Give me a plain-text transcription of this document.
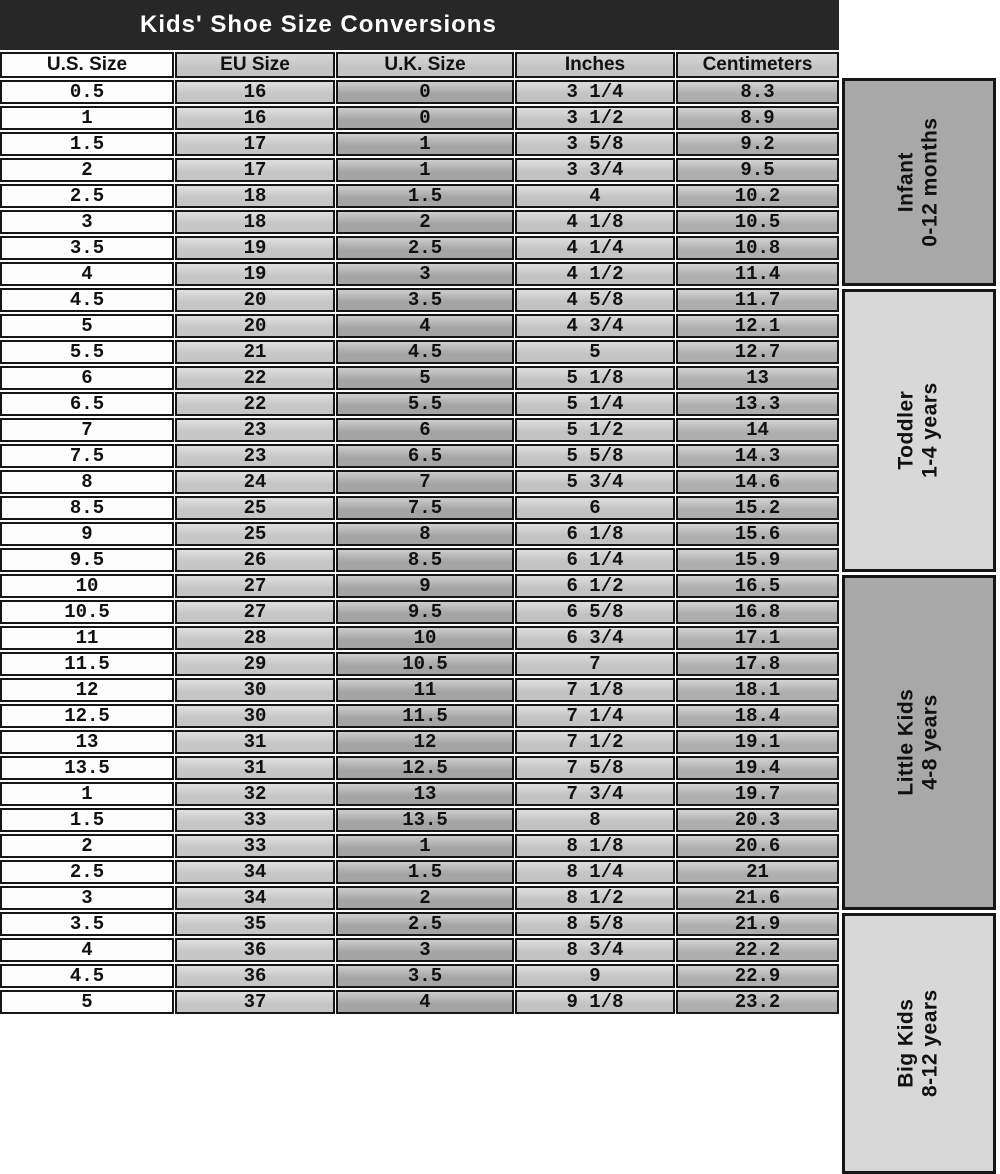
Kids' Shoe Size Conversions
U.S. Size	EU Size	U.K. Size	Inches	Centimeters
0.5	16	0	3 1/4	8.3
1	16	0	3 1/2	8.9
1.5	17	1	3 5/8	9.2
2	17	1	3 3/4	9.5
2.5	18	1.5	4	10.2
3	18	2	4 1/8	10.5
3.5	19	2.5	4 1/4	10.8
4	19	3	4 1/2	11.4
4.5	20	3.5	4 5/8	11.7
5	20	4	4 3/4	12.1
5.5	21	4.5	5	12.7
6	22	5	5 1/8	13
6.5	22	5.5	5 1/4	13.3
7	23	6	5 1/2	14
7.5	23	6.5	5 5/8	14.3
8	24	7	5 3/4	14.6
8.5	25	7.5	6	15.2
9	25	8	6 1/8	15.6
9.5	26	8.5	6 1/4	15.9
10	27	9	6 1/2	16.5
10.5	27	9.5	6 5/8	16.8
11	28	10	6 3/4	17.1
11.5	29	10.5	7	17.8
12	30	11	7 1/8	18.1
12.5	30	11.5	7 1/4	18.4
13	31	12	7 1/2	19.1
13.5	31	12.5	7 5/8	19.4
1	32	13	7 3/4	19.7
1.5	33	13.5	8	20.3
2	33	1	8 1/8	20.6
2.5	34	1.5	8 1/4	21
3	34	2	8 1/2	21.6
3.5	35	2.5	8 5/8	21.9
4	36	3	8 3/4	22.2
4.5	36	3.5	9	22.9
5	37	4	9 1/8	23.2
Infant 0-12 months
Toddler 1-4 years
Little Kids 4-8 years
Big Kids 8-12 years
